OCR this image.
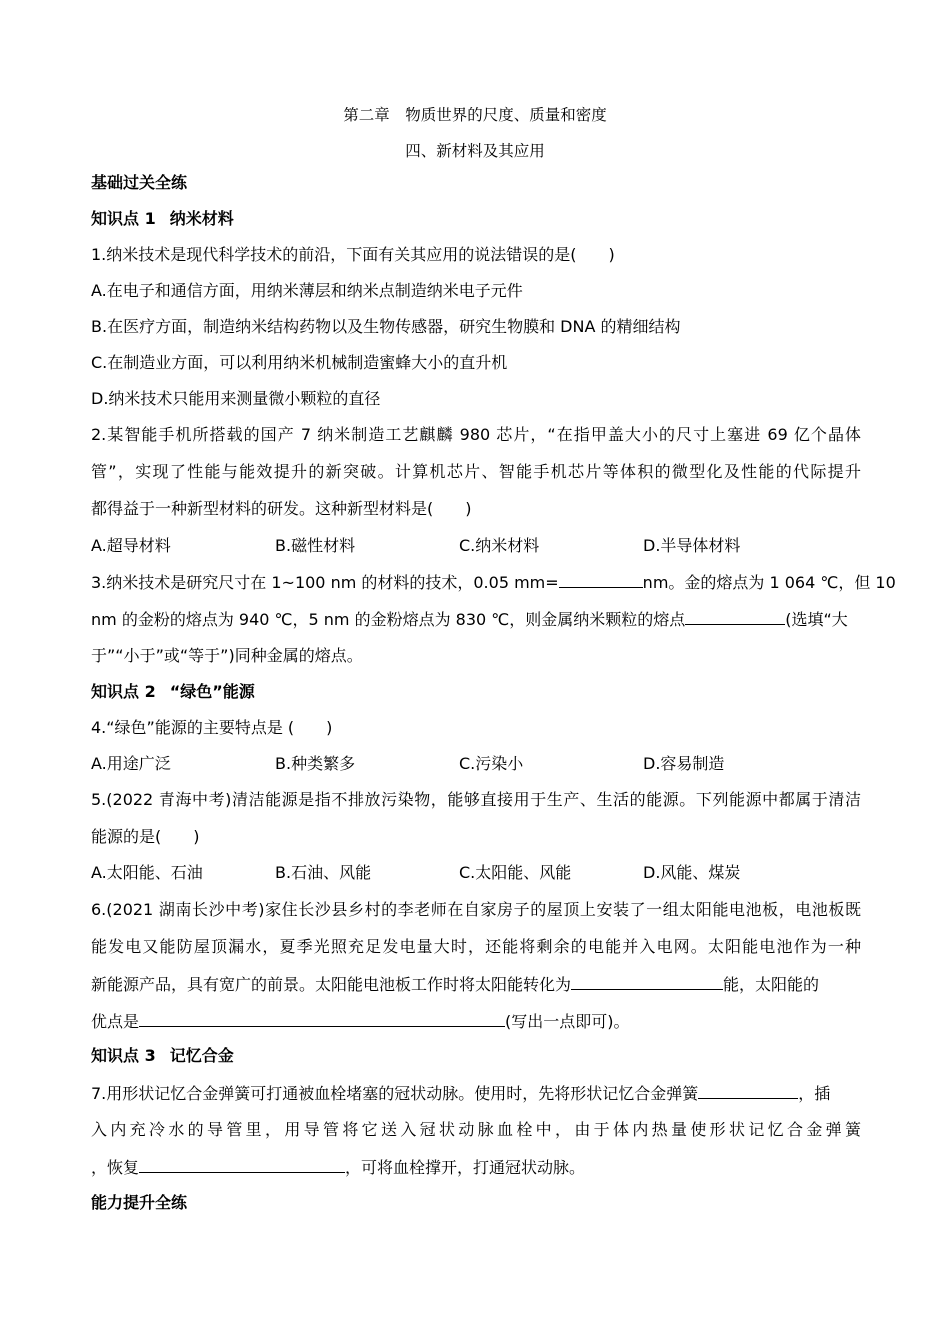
第二章　物质世界的尺度、质量和密度
四、新材料及其应用
基础过关全练
知识点 1 纳米材料
1.纳米技术是现代科学技术的前沿，下面有关其应用的说法错误的是(　　)
A.在电子和通信方面，用纳米薄层和纳米点制造纳米电子元件
B.在医疗方面，制造纳米结构药物以及生物传感器，研究生物膜和 DNA 的精细结构
C.在制造业方面，可以利用纳米机械制造蜜蜂大小的直升机
D.纳米技术只能用来测量微小颗粒的直径
2.某智能手机所搭载的国产 7 纳米制造工艺麒麟 980 芯片，“在指甲盖大小的尺寸上塞进 69 亿个晶体
管”，实现了性能与能效提升的新突破。计算机芯片、智能手机芯片等体积的微型化及性能的代际提升
都得益于一种新型材料的研发。这种新型材料是(　　)
A.超导材料	B.磁性材料	C.纳米材料	D.半导体材料
3.纳米技术是研究尺寸在 1~100 nm 的材料的技术，0.05 mm=	nm。金的熔点为 1 064 ℃，但 10
nm 的金粉的熔点为 940 ℃，5 nm 的金粉熔点为 830 ℃，则金属纳米颗粒的熔点	(选填“大
于”“小于”或“等于”)同种金属的熔点。
知识点 2 “绿色”能源
4.“绿色”能源的主要特点是 (　　)
A.用途广泛	B.种类繁多	C.污染小	D.容易制造
5.(2022 青海中考)清洁能源是指不排放污染物，能够直接用于生产、生活的能源。下列能源中都属于清洁
能源的是(　　)
A.太阳能、石油	B.石油、风能	C.太阳能、风能	D.风能、煤炭
6.(2021 湖南长沙中考)家住长沙县乡村的李老师在自家房子的屋顶上安装了一组太阳能电池板，电池板既
能发电又能防屋顶漏水，夏季光照充足发电量大时，还能将剩余的电能并入电网。太阳能电池作为一种
新能源产品，具有宽广的前景。太阳能电池板工作时将太阳能转化为	能，太阳能的
优点是	(写出一点即可)。
知识点 3 记忆合金
7.用形状记忆合金弹簧可打通被血栓堵塞的冠状动脉。使用时，先将形状记忆合金弹簧	，插
入内充冷水的导管里，用导管将它送入冠状动脉血栓中，由于体内热量使形状记忆合金弹簧
，恢复	，可将血栓撑开，打通冠状动脉。
能力提升全练
